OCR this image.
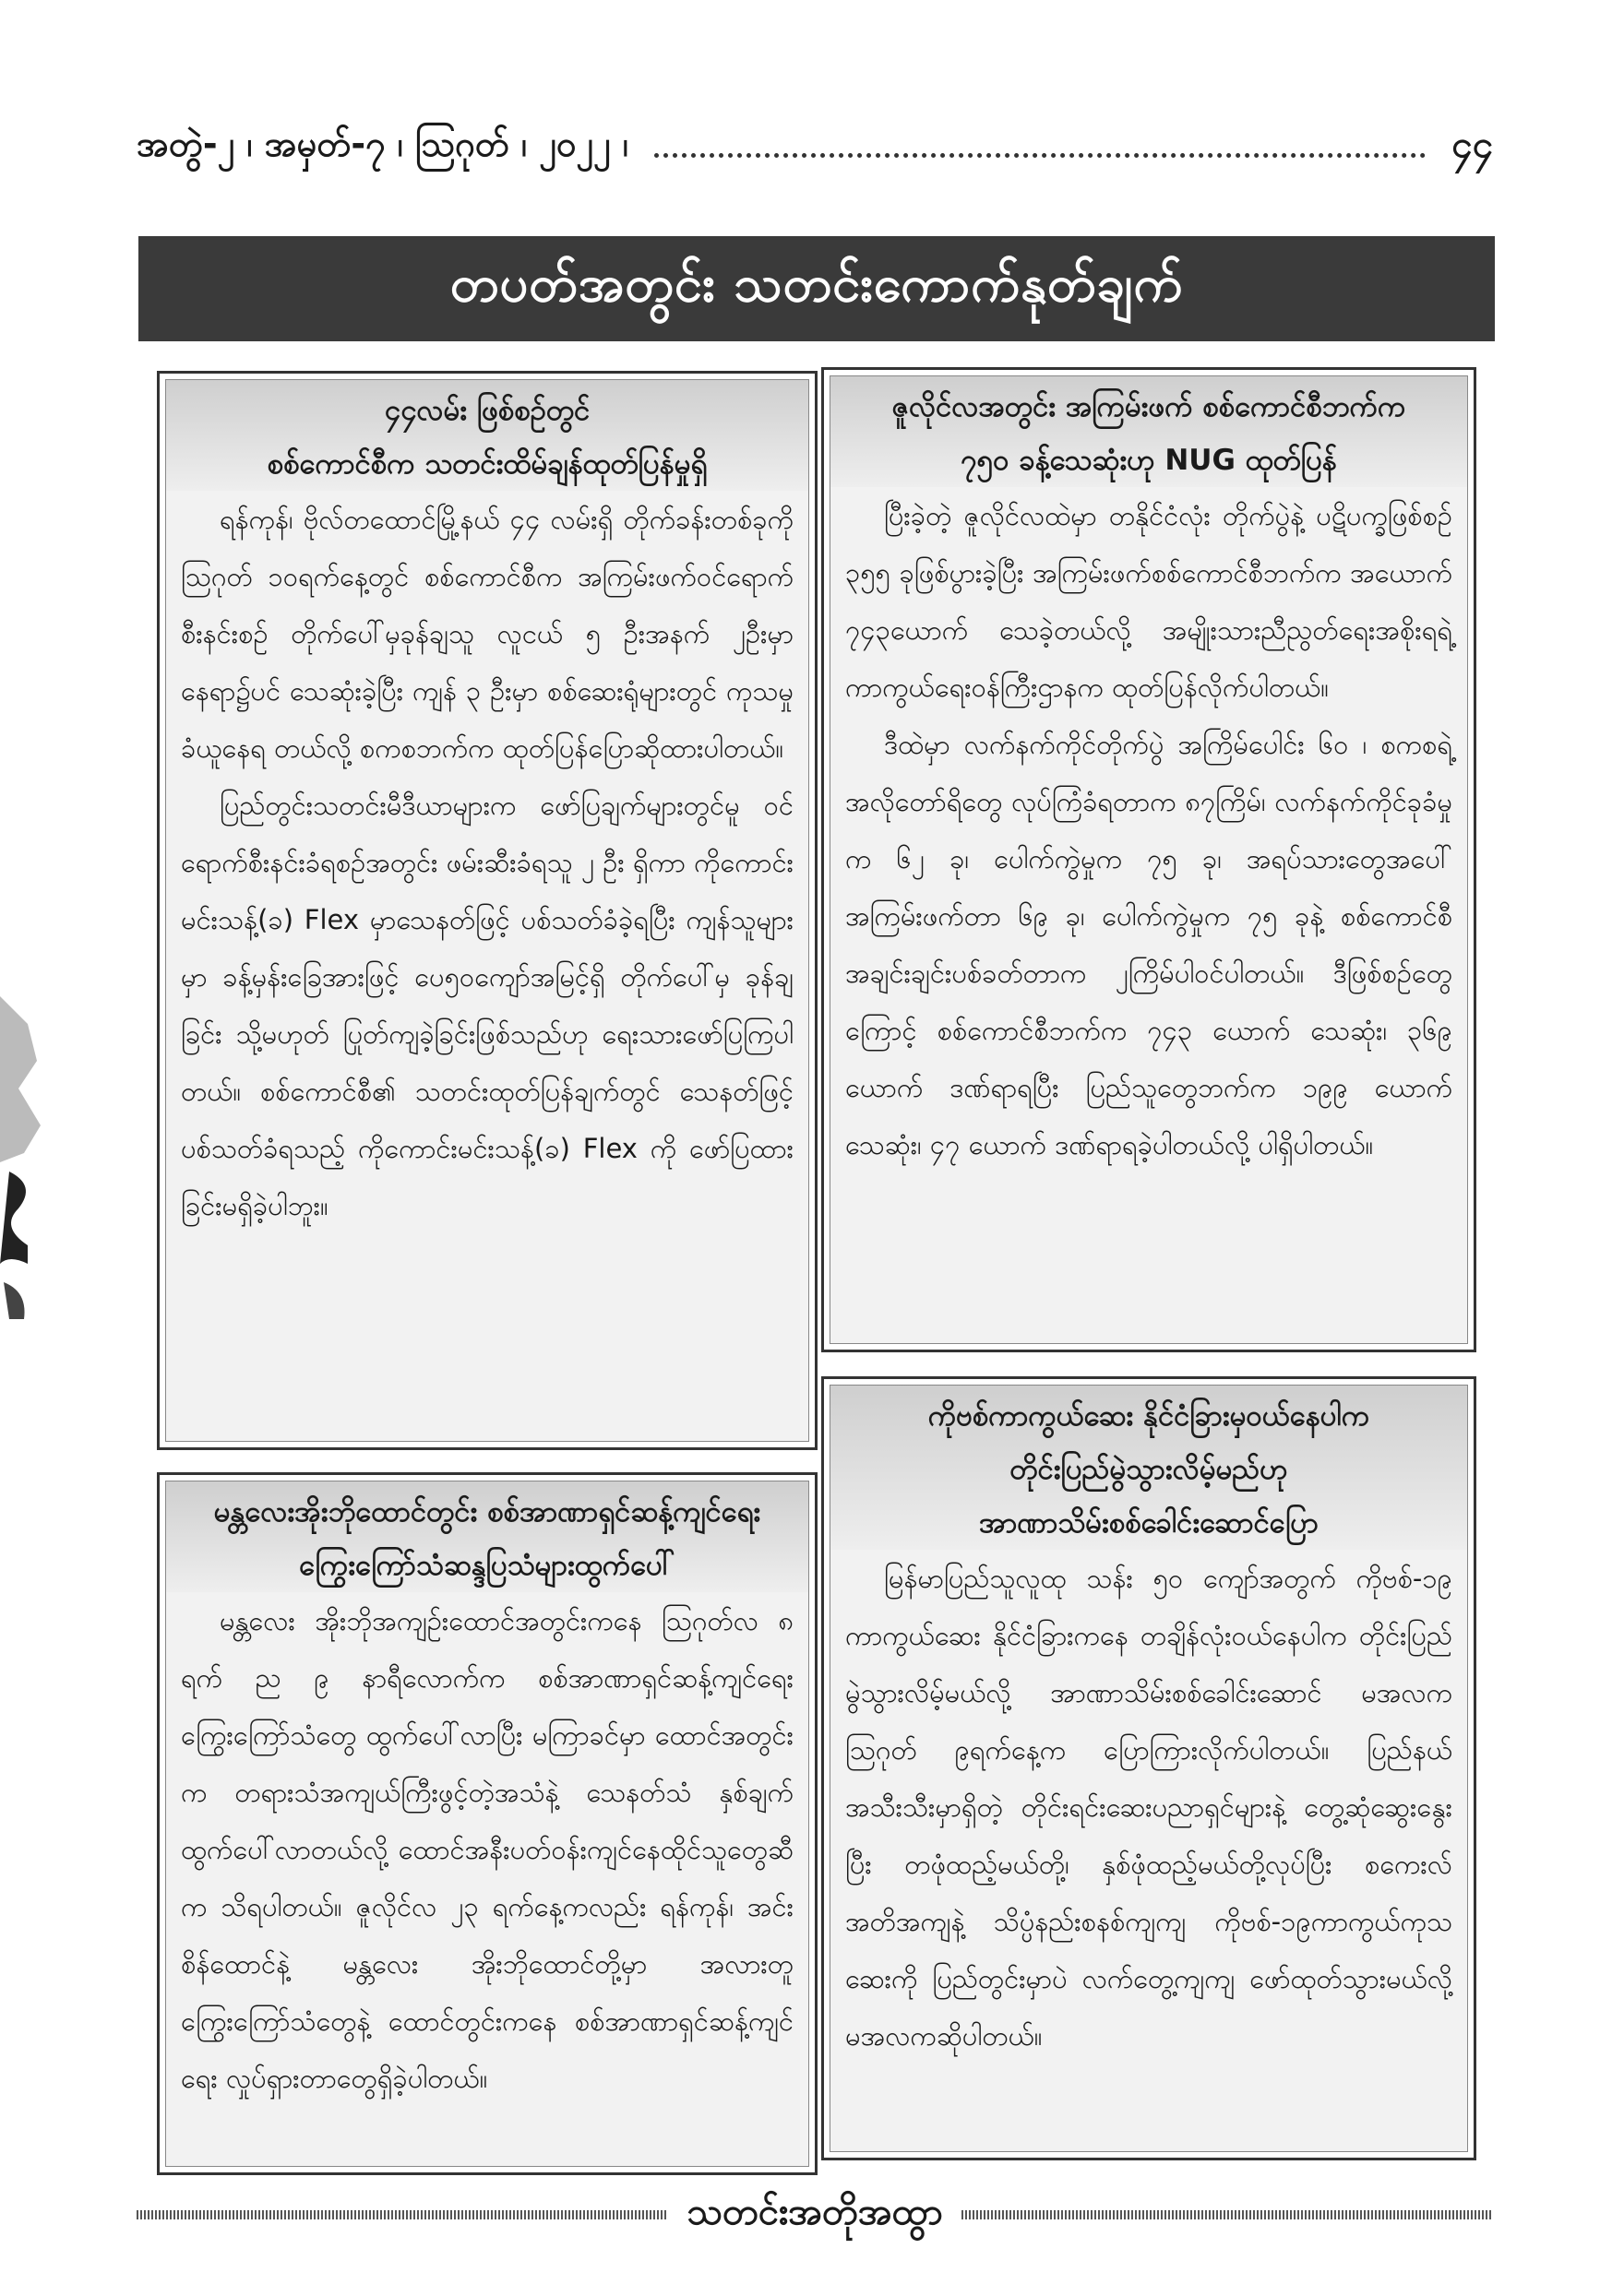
အတွဲ-၂ ၊ အမှတ်-၇ ၊ ဩဂုတ် ၊ ၂၀၂၂ ၊	၄၄
တပတ်အတွင်း သတင်းကောက်နုတ်ချက်
၄၄လမ်း ဖြစ်စဉ်တွင်
စစ်ကောင်စီက သတင်းထိမ်ချန်ထုတ်ပြန်မှုရှိ

ရန်ကုန်၊ ဗိုလ်တထောင်မြို့နယ် ၄၄ လမ်းရှိ တိုက်ခန်းတစ်ခုကို ဩဂုတ် ၁၀ရက်နေ့တွင် စစ်ကောင်စီက အကြမ်းဖက်ဝင်ရောက်စီးနင်းစဉ် တိုက်ပေါ်မှခုန်ချသူ လူငယ် ၅ ဦးအနက် ၂ဦးမှာ နေရာ၌ပင် သေဆုံးခဲ့ပြီး ကျန် ၃ ဦးမှာ စစ်ဆေးရုံများတွင် ကုသမှုခံယူနေရ တယ်လို့ စကစဘက်က ထုတ်ပြန်ပြောဆိုထားပါတယ်။

ပြည်တွင်းသတင်းမီဒီယာများက ဖော်ပြချက်များတွင်မူ ဝင်ရောက်စီးနင်းခံရစဉ်အတွင်း ဖမ်းဆီးခံရသူ ၂ ဦး ရှိကာ ကိုကောင်းမင်းသန့်(ခ) Flex မှာသေနတ်ဖြင့် ပစ်သတ်ခံခဲ့ရပြီး ကျန်သူများမှာ ခန့်မှန်းခြေအားဖြင့် ပေ၅၀ကျော်အမြင့်ရှိ တိုက်ပေါ်မှ ခုန်ချခြင်း သို့မဟုတ် ပြုတ်ကျခဲ့ခြင်းဖြစ်သည်ဟု ရေးသားဖော်ပြကြပါတယ်။ စစ်ကောင်စီ၏ သတင်းထုတ်ပြန်ချက်တွင် သေနတ်ဖြင့် ပစ်သတ်ခံရသည့် ကိုကောင်းမင်းသန့်(ခ) Flex ကို ဖော်ပြထားခြင်းမရှိခဲ့ပါဘူး။

ဇူလိုင်လအတွင်း အကြမ်းဖက် စစ်ကောင်စီဘက်က
၇၅၀ ခန့်သေဆုံးဟု NUG ထုတ်ပြန်

ပြီးခဲ့တဲ့ ဇူလိုင်လထဲမှာ တနိုင်ငံလုံး တိုက်ပွဲနဲ့ ပဋိပက္ခဖြစ်စဉ် ၃၅၅ ခုဖြစ်ပွားခဲ့ပြီး အကြမ်းဖက်စစ်ကောင်စီဘက်က အယောက် ၇၄၃ယောက် သေခဲ့တယ်လို့ အမျိုးသားညီညွတ်ရေးအစိုးရရဲ့ ကာကွယ်ရေးဝန်ကြီးဌာနက ထုတ်ပြန်လိုက်ပါတယ်။

ဒီထဲမှာ လက်နက်ကိုင်တိုက်ပွဲ အကြိမ်ပေါင်း ၆၀ ၊ စကစရဲ့အလိုတော်ရိတွေ လုပ်ကြံခံရတာက ၈၇ကြိမ်၊ လက်နက်ကိုင်ခုခံမှုက ၆၂ ခု၊ ပေါက်ကွဲမှုက ၇၅ ခု၊ အရပ်သားတွေအပေါ် အကြမ်းဖက်တာ ၆၉ ခု၊ ပေါက်ကွဲမှုက ၇၅ ခုနဲ့ စစ်ကောင်စီအချင်းချင်းပစ်ခတ်တာက ၂ကြိမ်ပါဝင်ပါတယ်။ ဒီဖြစ်စဉ်တွေကြောင့် စစ်ကောင်စီဘက်က ၇၄၃ ယောက် သေဆုံး၊ ၃၆၉ ယောက် ဒဏ်ရာရပြီး ပြည်သူတွေဘက်က ၁၉၉ ယောက် သေဆုံး၊ ၄၇ ယောက် ဒဏ်ရာရခဲ့ပါတယ်လို့ ပါရှိပါတယ်။

မန္တလေးအိုးဘိုထောင်တွင်း စစ်အာဏာရှင်ဆန့်ကျင်ရေး
ကြွေးကြော်သံဆန္ဒပြသံများထွက်ပေါ်

မန္တလေး အိုးဘိုအကျဉ်းထောင်အတွင်းကနေ ဩဂုတ်လ ၈ ရက် ည ၉ နာရီလောက်က စစ်အာဏာရှင်ဆန့်ကျင်ရေး ကြွေးကြော်သံတွေ ထွက်ပေါ်လာပြီး မကြာခင်မှာ ထောင်အတွင်းက တရားသံအကျယ်ကြီးဖွင့်တဲ့အသံနဲ့ သေနတ်သံ နှစ်ချက် ထွက်ပေါ်လာတယ်လို့ ထောင်အနီးပတ်ဝန်းကျင်နေထိုင်သူတွေဆီက သိရပါတယ်။ ဇူလိုင်လ ၂၃ ရက်နေ့ကလည်း ရန်ကုန်၊ အင်းစိန်ထောင်နဲ့ မန္တလေး အိုးဘိုထောင်တို့မှာ အလားတူကြွေးကြော်သံတွေနဲ့ ထောင်တွင်းကနေ စစ်အာဏာရှင်ဆန့်ကျင်ရေး လှုပ်ရှားတာတွေရှိခဲ့ပါတယ်။

ကိုဗစ်ကာကွယ်ဆေး နိုင်ငံခြားမှဝယ်နေပါက
တိုင်းပြည်မွဲသွားလိမ့်မည်ဟု
အာဏာသိမ်းစစ်ခေါင်းဆောင်ပြော

မြန်မာပြည်သူလူထု သန်း ၅၀ ကျော်အတွက် ကိုဗစ်-၁၉ ကာကွယ်ဆေး နိုင်ငံခြားကနေ တချိန်လုံးဝယ်နေပါက တိုင်းပြည်မွဲသွားလိမ့်မယ်လို့ အာဏာသိမ်းစစ်ခေါင်းဆောင် မအလက ဩဂုတ် ၉ရက်နေ့က ပြောကြားလိုက်ပါတယ်။ ပြည်နယ်အသီးသီးမှာရှိတဲ့ တိုင်းရင်းဆေးပညာရှင်များနဲ့ တွေ့ဆုံဆွေးနွေးပြီး တဖုံထည့်မယ်တို့၊ နှစ်ဖုံထည့်မယ်တို့လုပ်ပြီး စကေးလ်အတိအကျနဲ့ သိပ္ပံနည်းစနစ်ကျကျ ကိုဗစ်-၁၉ကာကွယ်ကုသဆေးကို ပြည်တွင်းမှာပဲ လက်တွေ့ကျကျ ဖော်ထုတ်သွားမယ်လို့ မအလကဆိုပါတယ်။

သတင်းအတိုအထွာ
